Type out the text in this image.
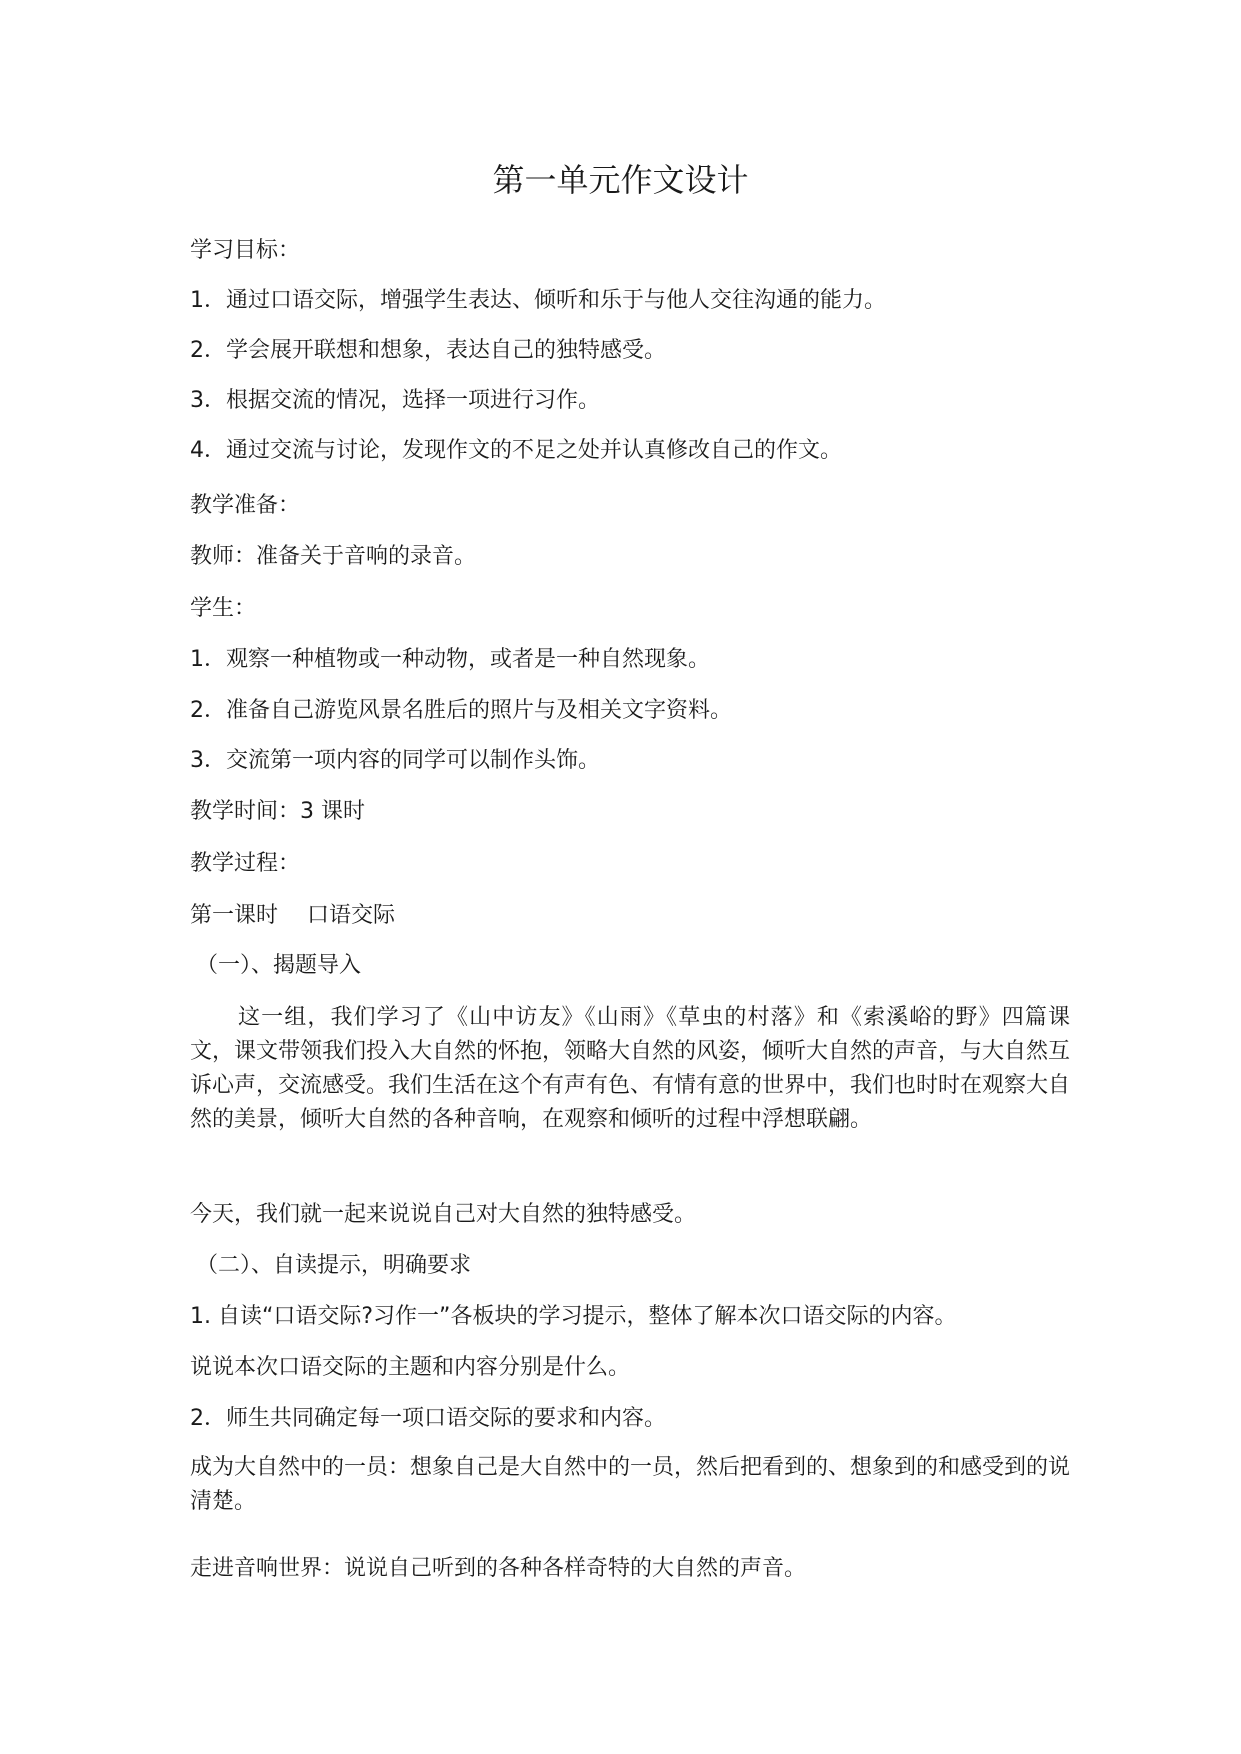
第一单元作文设计
学习目标：
1．通过口语交际，增强学生表达、倾听和乐于与他人交往沟通的能力。
2．学会展开联想和想象，表达自己的独特感受。
3．根据交流的情况，选择一项进行习作。
4．通过交流与讨论，发现作文的不足之处并认真修改自己的作文。
教学准备：
教师：准备关于音响的录音。
学生：
1．观察一种植物或一种动物，或者是一种自然现象。
2．准备自己游览风景名胜后的照片与及相关文字资料。
3．交流第一项内容的同学可以制作头饰。
教学时间：3 课时
教学过程：
第一课时　 口语交际
（一）、揭题导入
这一组，我们学习了《山中访友》《山雨》《草虫的村落》和《索溪峪的野》四篇课文，课文带领我们投入大自然的怀抱，领略大自然的风姿，倾听大自然的声音，与大自然互诉心声，交流感受。我们生活在这个有声有色、有情有意的世界中，我们也时时在观察大自然的美景，倾听大自然的各种音响，在观察和倾听的过程中浮想联翩。
今天，我们就一起来说说自己对大自然的独特感受。
（二）、自读提示，明确要求
1. 自读“口语交际?习作一”各板块的学习提示，整体了解本次口语交际的内容。
说说本次口语交际的主题和内容分别是什么。
2．师生共同确定每一项口语交际的要求和内容。
成为大自然中的一员：想象自己是大自然中的一员，然后把看到的、想象到的和感受到的说清楚。
走进音响世界：说说自己听到的各种各样奇特的大自然的声音。
